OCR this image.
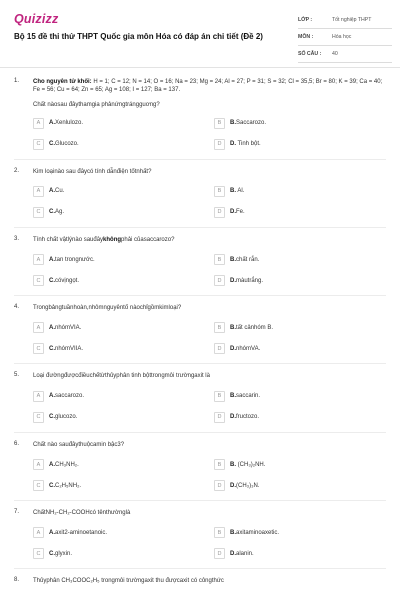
Quizizz
Bộ 15 đề thi thử THPT Quốc gia môn Hóa có đáp án chi tiết (Đề 2)
LỚP :	Tốt nghiệp THPT
MÔN :	Hóa học
SỐ CÂU :	40
1. Cho nguyên tử khối: H = 1; C = 12; N = 14; O = 16; Na = 23; Mg = 24; Al = 27; P = 31; S = 32; Cl = 35,5; Br = 80; K = 39; Ca = 40; Fe = 56; Cu = 64; Zn = 65; Ag = 108; I = 127; Ba = 137.
Chất nàosau đâythamgia phảnứngtrángguơng?
A	A.Xenlulozo.	B	B.Saccarozo.
C	C.Glucozo.	D	D. Tinh bột.
2. Kim loạinào sau đâycó tính dẫnđiện tốtnhất?
A	A.Cu.	B	B. Al.
C	C.Ag.	D	D.Fe.
3. Tính chất vậtlýnào sauđâykhôngphải củasaccarozo?
A	A.tan trongnước.	B	B.chất rắn.
C	C.cóvịngọt.	D	D.màutrắng.
4. Trongbảngtuầnhoàn,nhômnguyêntố nàochỉgồmkimloại?
A	A.nhómVIA.	B	B.tất cảnhóm B.
C	C.nhómVIIA.	D	D.nhómVA.
5. Loại đườngđượcđiềuchếtừthủyphân tinh bộttrongmôi trườngaxit là
A	A.saccarozo.	B	B.saccarin.
C	C.glucozo.	D	D.fructozo.
6. Chất nào sauđâythuộcamin bậc3?
A	A.CH₃NH₂.	B	B. (CH₃)₂NH.
C	C.C₂H₅NH₂.	D	D.(CH₃)₃N.
7. ChấtNH₂-CH₂-COOHcó tênthườnglà
A	A.axit2-aminoetanoic.	B	B.axitaminoaxetic.
C	C.glyxin.	D	D.alanin.
8. Thủyphân CH₃COOC₂H₅ trongmôi trườngaxit thu đượcaxit có côngthức
